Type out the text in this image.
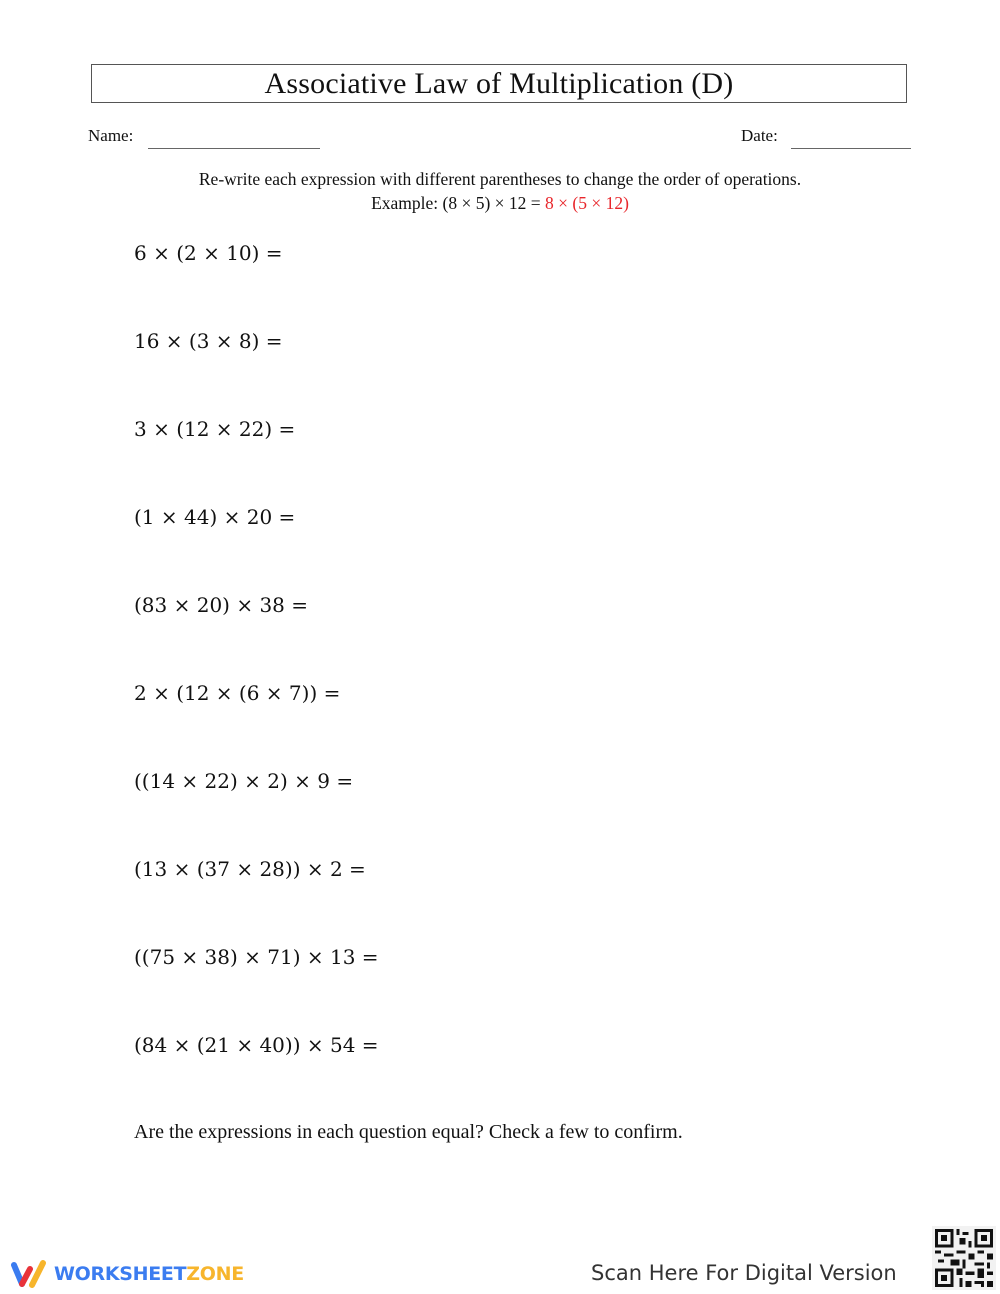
Associative Law of Multiplication (D)
Name:	Date:
Re-write each expression with different parentheses to change the order of operations.
Example: (8 × 5) × 12 = 8 × (5 × 12)
6 × (2 × 10) =
16 × (3 × 8) =
3 × (12 × 22) =
(1 × 44) × 20 =
(83 × 20) × 38 =
2 × (12 × (6 × 7)) =
((14 × 22) × 2) × 9 =
(13 × (37 × 28)) × 2 =
((75 × 38) × 71) × 13 =
(84 × (21 × 40)) × 54 =
Are the expressions in each question equal? Check a few to confirm.
WORKSHEETZONE	Scan Here For Digital Version
